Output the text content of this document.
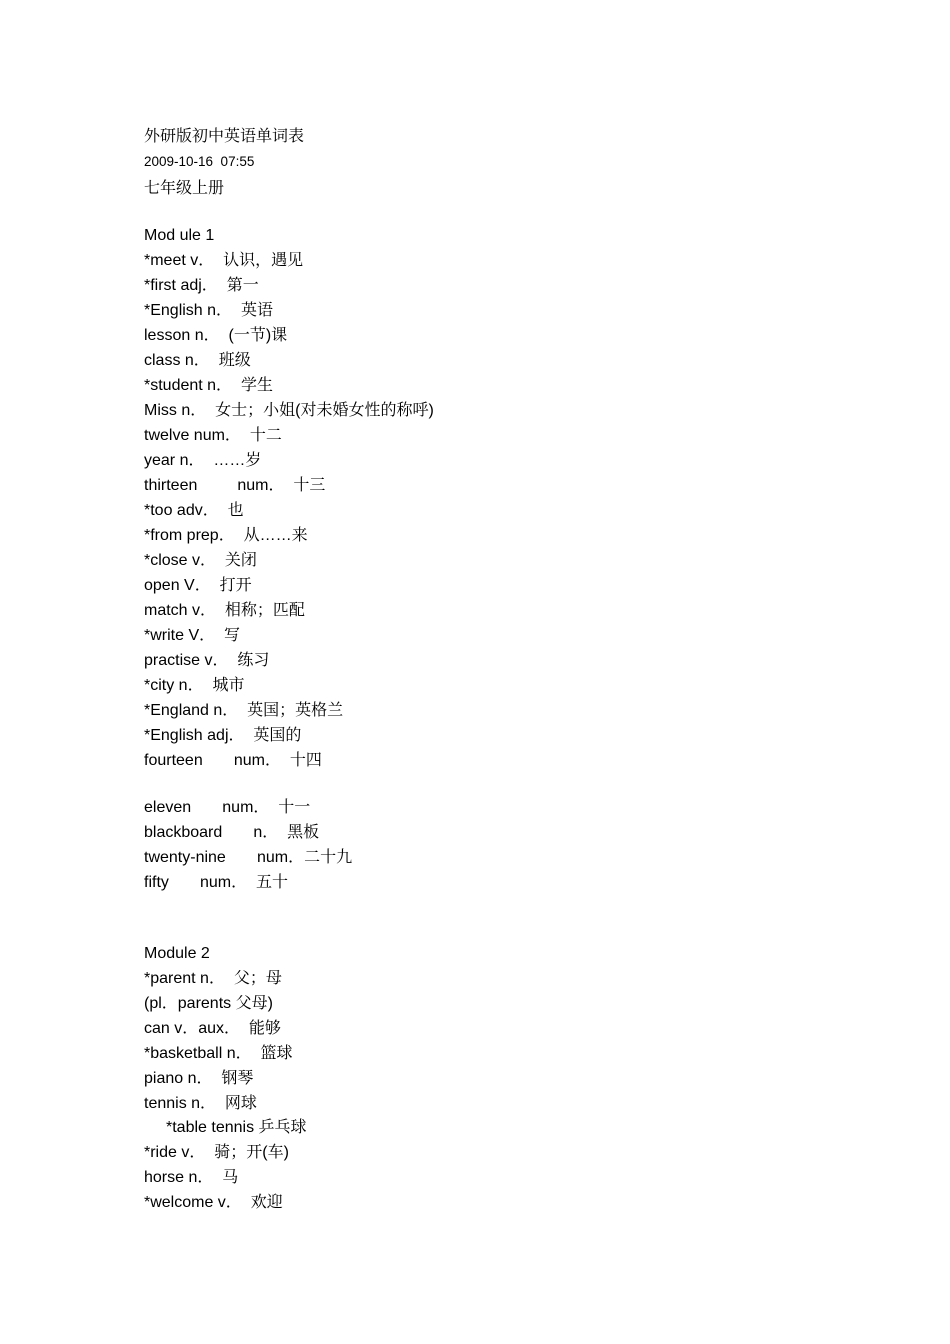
外研版初中英语单词表
2009-10-16  07:55
七年级上册
Mod ule 1
*meet v．  认识，遇见
*first adj．  第一
*English n．  英语
lesson n．  (一节)课
class n．  班级
*student n．  学生
Miss n．  女士；小姐(对未婚女性的称呼)
twelve num．  十二
year n．  ……岁
thirteen         num．  十三
*too adv．  也
*from prep．  从……来
*close v．  关闭
open V．  打开
match v．  相称；匹配
*write V．  写
practise v．  练习
*city n．  城市
*England n．  英国；英格兰
*English adj．  英国的
fourteen       num．  十四
eleven       num．  十一
blackboard       n．  黑板
twenty-nine       num．二十九
fifty       num．  五十
Module 2
*parent n．  父；母
(pl．parents 父母)
can v．aux．  能够
*basketball n．  篮球
piano n．  钢琴
tennis n．  网球
*table tennis 乒乓球
*ride v．  骑；开(车)
horse n．  马
*welcome v．  欢迎
